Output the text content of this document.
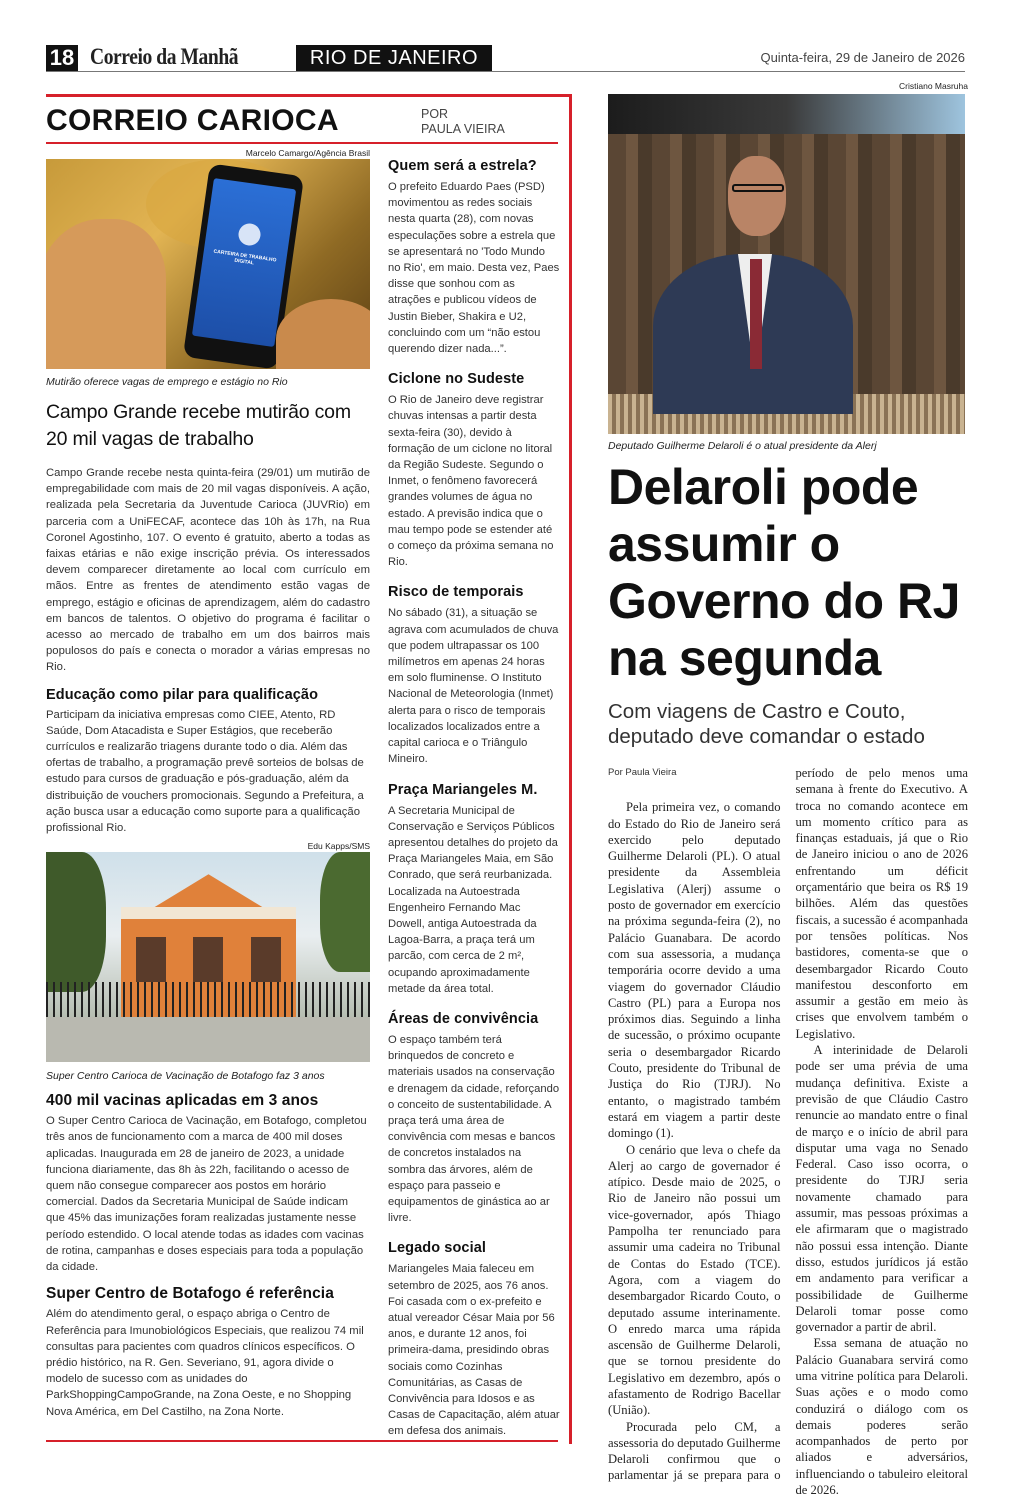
18 Correio da Manhã	RIO DE JANEIRO	Quinta-feira, 29 de Janeiro de 2026
CORREIO CARIOCA	POR
PAULA VIEIRA
Marcelo Camargo/Agência Brasil
CARTEIRA DE TRABALHO DIGITAL
Mutirão oferece vagas de emprego e estágio no Rio
Campo Grande recebe mutirão com 20 mil vagas de trabalho
Campo Grande recebe nesta quinta-feira (29/01) um mutirão de empregabilidade com mais de 20 mil vagas disponíveis. A ação, realizada pela Secretaria da Juventude Carioca (JUVRio) em parceria com a UniFECAF, acontece das 10h às 17h, na Rua Coronel Agostinho, 107. O evento é gratuito, aberto a todas as faixas etárias e não exige inscrição prévia. Os interessados devem comparecer diretamente ao local com currículo em mãos. Entre as frentes de atendimento estão vagas de emprego, estágio e oficinas de aprendizagem, além do cadastro em bancos de talentos. O objetivo do programa é facilitar o acesso ao mercado de trabalho em um dos bairros mais populosos do país e conecta o morador a várias empresas no Rio.
Educação como pilar para qualificação
Participam da iniciativa empresas como CIEE, Atento, RD Saúde, Dom Atacadista e Super Estágios, que receberão currículos e realizarão triagens durante todo o dia. Além das ofertas de trabalho, a programação prevê sorteios de bolsas de estudo para cursos de graduação e pós-graduação, além da distribuição de vouchers promocionais. Segundo a Prefeitura, a ação busca usar a educação como suporte para a qualificação profissional Rio.
Edu Kapps/SMS
Super Centro Carioca de Vacinação de Botafogo faz 3 anos
400 mil vacinas aplicadas em 3 anos
O Super Centro Carioca de Vacinação, em Botafogo, completou três anos de funcionamento com a marca de 400 mil doses aplicadas. Inaugurada em 28 de janeiro de 2023, a unidade funciona diariamente, das 8h às 22h, facilitando o acesso de quem não consegue comparecer aos postos em horário comercial. Dados da Secretaria Municipal de Saúde indicam que 45% das imunizações foram realizadas justamente nesse período estendido. O local atende todas as idades com vacinas de rotina, campanhas e doses especiais para toda a população da cidade.
Super Centro de Botafogo é referência
Além do atendimento geral, o espaço abriga o Centro de Referência para Imunobiológicos Especiais, que realizou 74 mil consultas para pacientes com quadros clínicos específicos. O prédio histórico, na R. Gen. Severiano, 91, agora divide o modelo de sucesso com as unidades do ParkShoppingCampoGrande, na Zona Oeste, e no Shopping Nova América, em Del Castilho, na Zona Norte.
Quem será a estrela?
O prefeito Eduardo Paes (PSD) movimentou as redes sociais nesta quarta (28), com novas especulações sobre a estrela que se apresentará no 'Todo Mundo no Rio', em maio. Desta vez, Paes disse que sonhou com as atrações e publicou vídeos de Justin Bieber, Shakira e U2, concluindo com um “não estou querendo dizer nada...”.
Ciclone no Sudeste
O Rio de Janeiro deve registrar chuvas intensas a partir desta sexta-feira (30), devido à formação de um ciclone no litoral da Região Sudeste. Segundo o Inmet, o fenômeno favorecerá grandes volumes de água no estado. A previsão indica que o mau tempo pode se estender até o começo da próxima semana no Rio.
Risco de temporais
No sábado (31), a situação se agrava com acumulados de chuva que podem ultrapassar os 100 milímetros em apenas 24 horas em solo fluminense. O Instituto Nacional de Meteorologia (Inmet) alerta para o risco de temporais localizados localizados entre a capital carioca e o Triângulo Mineiro.
Praça Mariangeles M.
A Secretaria Municipal de Conservação e Serviços Públicos apresentou detalhes do projeto da Praça Mariangeles Maia, em São Conrado, que será reurbanizada. Localizada na Autoestrada Engenheiro Fernando Mac Dowell, antiga Autoestrada da Lagoa-Barra, a praça terá um parcão, com cerca de 2 m², ocupando aproximadamente metade da área total.
Áreas de convivência
O espaço também terá brinquedos de concreto e materiais usados na conservação e drenagem da cidade, reforçando o conceito de sustentabilidade. A praça terá uma área de convivência com mesas e bancos de concretos instalados na sombra das árvores, além de espaço para passeio e equipamentos de ginástica ao ar livre.
Legado social
Mariangeles Maia faleceu em setembro de 2025, aos 76 anos. Foi casada com o ex-prefeito e atual vereador César Maia por 56 anos, e durante 12 anos, foi primeira-dama, presidindo obras sociais como Cozinhas Comunitárias, as Casas de Convivência para Idosos e as Casas de Capacitação, além atuar em defesa dos animais.
Cristiano Masruha
Deputado Guilherme Delaroli é o atual presidente da Alerj
Delaroli pode assumir o Governo do RJ na segunda
Com viagens de Castro e Couto, deputado deve comandar o estado
Por Paula Vieira

Pela primeira vez, o comando do Estado do Rio de Janeiro será exercido pelo deputado Guilherme Delaroli (PL). O atual presidente da Assembleia Legislativa (Alerj) assume o posto de governador em exercício na próxima segunda-feira (2), no Palácio Guanabara. De acordo com sua assessoria, a mudança temporária ocorre devido a uma viagem do governador Cláudio Castro (PL) para a Europa nos próximos dias. Seguindo a linha de sucessão, o próximo ocupante seria o desembargador Ricardo Couto, presidente do Tribunal de Justiça do Rio (TJRJ). No entanto, o magistrado também estará em viagem a partir deste domingo (1).

O cenário que leva o chefe da Alerj ao cargo de governador é atípico. Desde maio de 2025, o Rio de Janeiro não possui um vice-governador, após Thiago Pampolha ter renunciado para assumir uma cadeira no Tribunal de Contas do Estado (TCE). Agora, com a viagem do desembargador Ricardo Couto, o deputado assume interinamente. O enredo marca uma rápida ascensão de Guilherme Delaroli, que se tornou presidente do Legislativo em dezembro, após o afastamento de Rodrigo Bacellar (União).

Procurada pelo CM, a assessoria do deputado Guilherme Delaroli confirmou que o parlamentar já se prepara para o período de pelo menos uma semana à frente do Executivo. A troca no comando acontece em um momento crítico para as finanças estaduais, já que o Rio de Janeiro iniciou o ano de 2026 enfrentando um déficit orçamentário que beira os R$ 19 bilhões. Além das questões fiscais, a sucessão é acompanhada por tensões políticas. Nos bastidores, comenta-se que o desembargador Ricardo Couto manifestou desconforto em assumir a gestão em meio às crises que envolvem também o Legislativo.

A interinidade de Delaroli pode ser uma prévia de uma mudança definitiva. Existe a previsão de que Cláudio Castro renuncie ao mandato entre o final de março e o início de abril para disputar uma vaga no Senado Federal. Caso isso ocorra, o presidente do TJRJ seria novamente chamado para assumir, mas pessoas próximas a ele afirmaram que o magistrado não possui essa intenção. Diante disso, estudos jurídicos já estão em andamento para verificar a possibilidade de Guilherme Delaroli tomar posse como governador a partir de abril.

Essa semana de atuação no Palácio Guanabara servirá como uma vitrine política para Delaroli. Suas ações e o modo como conduzirá o diálogo com os demais poderes serão acompanhados de perto por aliados e adversários, influenciando o tabuleiro eleitoral de 2026.
